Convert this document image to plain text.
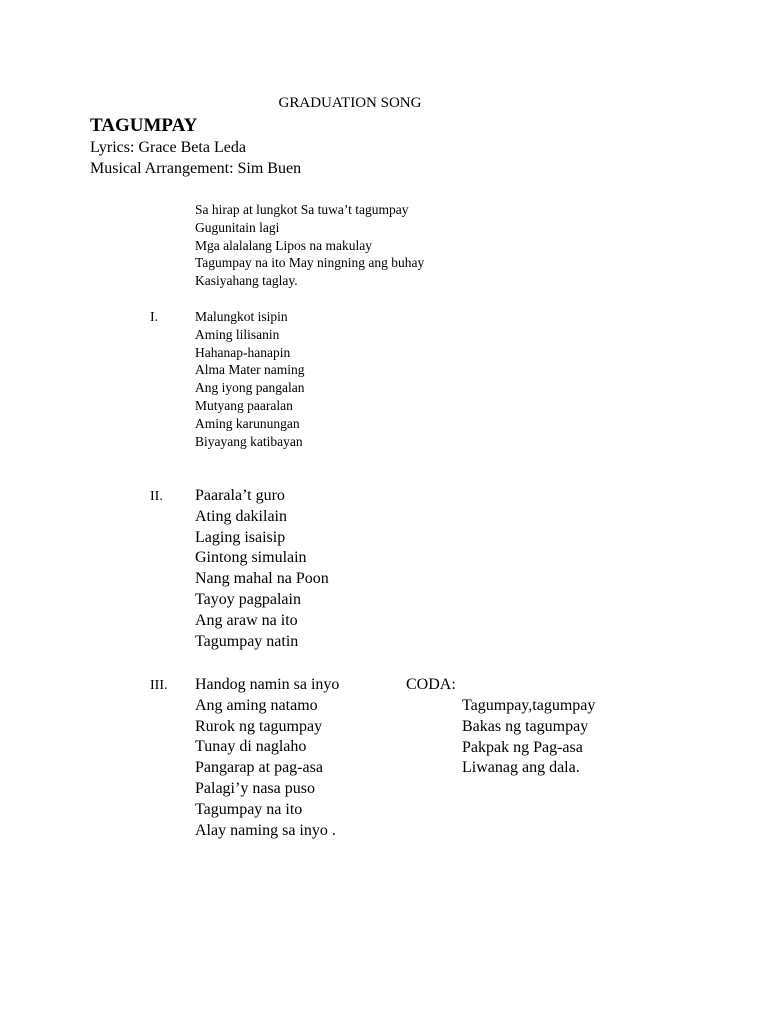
GRADUATION SONG
TAGUMPAY
Lyrics: Grace Beta Leda
Musical Arrangement: Sim Buen
Sa hirap at lungkot Sa tuwa’t tagumpay
Gugunitain lagi
Mga alalalang Lipos na makulay
Tagumpay na ito May ningning ang buhay
Kasiyahang taglay.
I.	Malungkot isipin
Aming lilisanin
Hahanap-hanapin
Alma Mater naming
Ang iyong pangalan
Mutyang paaralan
Aming karunungan
Biyayang katibayan
II. Paarala’t guro
Ating dakilain
Laging isaisip
Gintong simulain
Nang mahal na Poon
Tayoy pagpalain
Ang araw na ito
Tagumpay natin
III. Handog namin sa inyo
Ang aming natamo
Rurok ng tagumpay
Tunay di naglaho
Pangarap at pag-asa
Palagi’y nasa puso
Tagumpay na ito
Alay naming sa inyo .
CODA:
Tagumpay,tagumpay
Bakas ng tagumpay
Pakpak ng Pag-asa
Liwanag ang dala.
